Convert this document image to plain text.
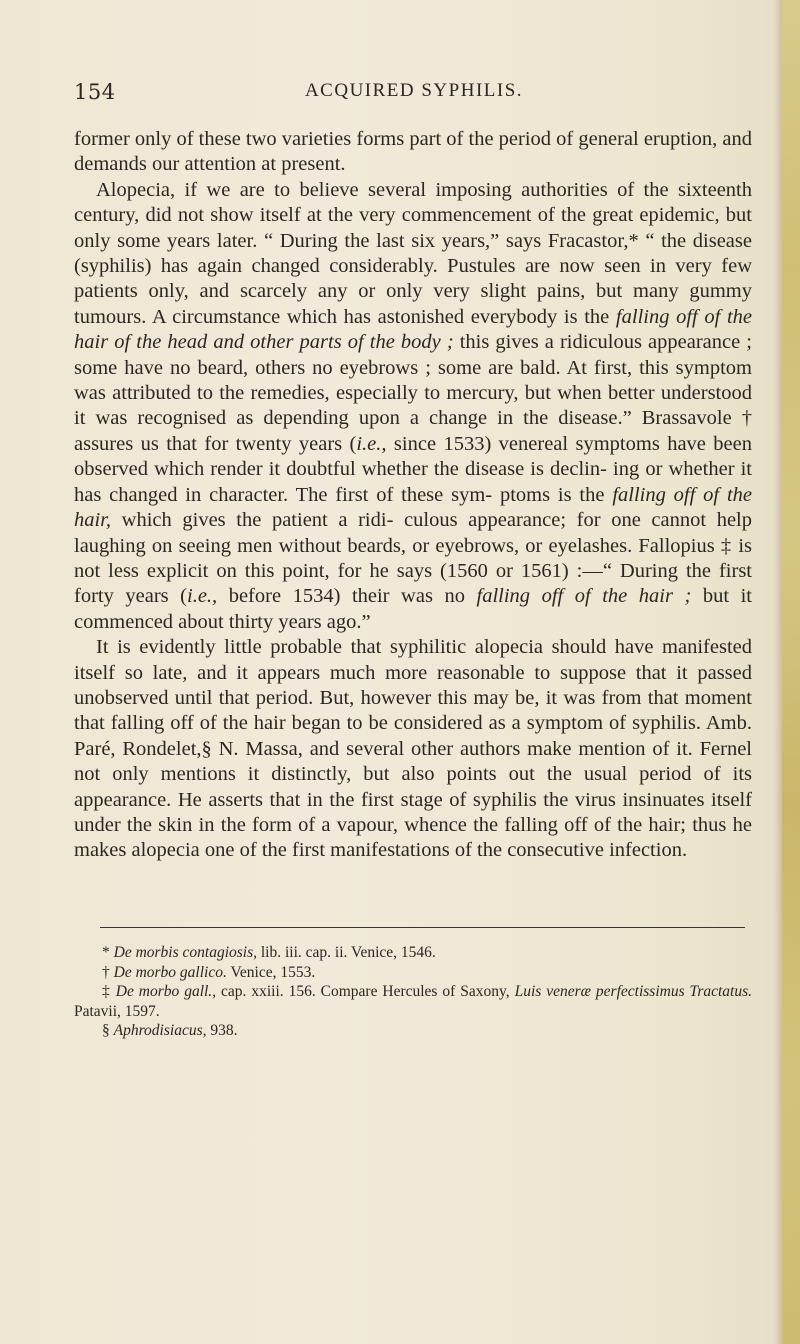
154	ACQUIRED SYPHILIS.

former only of these two varieties forms part of the period of general eruption, and demands our attention at present.

Alopecia, if we are to believe several imposing authorities of the sixteenth century, did not show itself at the very commencement of the great epidemic, but only some years later. “ During the last six years,” says Fracastor,* “ the disease (syphilis) has again changed considerably. Pustules are now seen in very few patients only, and scarcely any or only very slight pains, but many gummy tumours. A circumstance which has astonished everybody is the falling off of the hair of the head and other parts of the body ; this gives a ridiculous appearance ; some have no beard, others no eyebrows ; some are bald. At first, this symptom was attributed to the remedies, especially to mercury, but when better understood it was recognised as depending upon a change in the disease.” Brassavole † assures us that for twenty years (i.e., since 1533) venereal symptoms have been observed which render it doubtful whether the disease is declin- ing or whether it has changed in character. The first of these sym- ptoms is the falling off of the hair, which gives the patient a ridi- culous appearance; for one cannot help laughing on seeing men without beards, or eyebrows, or eyelashes. Fallopius ‡ is not less explicit on this point, for he says (1560 or 1561) :—“ During the first forty years (i.e., before 1534) their was no falling off of the hair ; but it commenced about thirty years ago.”

It is evidently little probable that syphilitic alopecia should have manifested itself so late, and it appears much more reasonable to suppose that it passed unobserved until that period. But, however this may be, it was from that moment that falling off of the hair began to be considered as a symptom of syphilis. Amb. Paré, Rondelet,§ N. Massa, and several other authors make mention of it. Fernel not only mentions it distinctly, but also points out the usual period of its appearance. He asserts that in the first stage of syphilis the virus insinuates itself under the skin in the form of a vapour, whence the falling off of the hair; thus he makes alopecia one of the first manifestations of the consecutive infection.

* De morbis contagiosis, lib. iii. cap. ii. Venice, 1546.
† De morbo gallico. Venice, 1553.
‡ De morbo gall., cap. xxiii. 156. Compare Hercules of Saxony, Luis veneræ perfectissimus Tractatus. Patavii, 1597.
§ Aphrodisiacus, 938.
